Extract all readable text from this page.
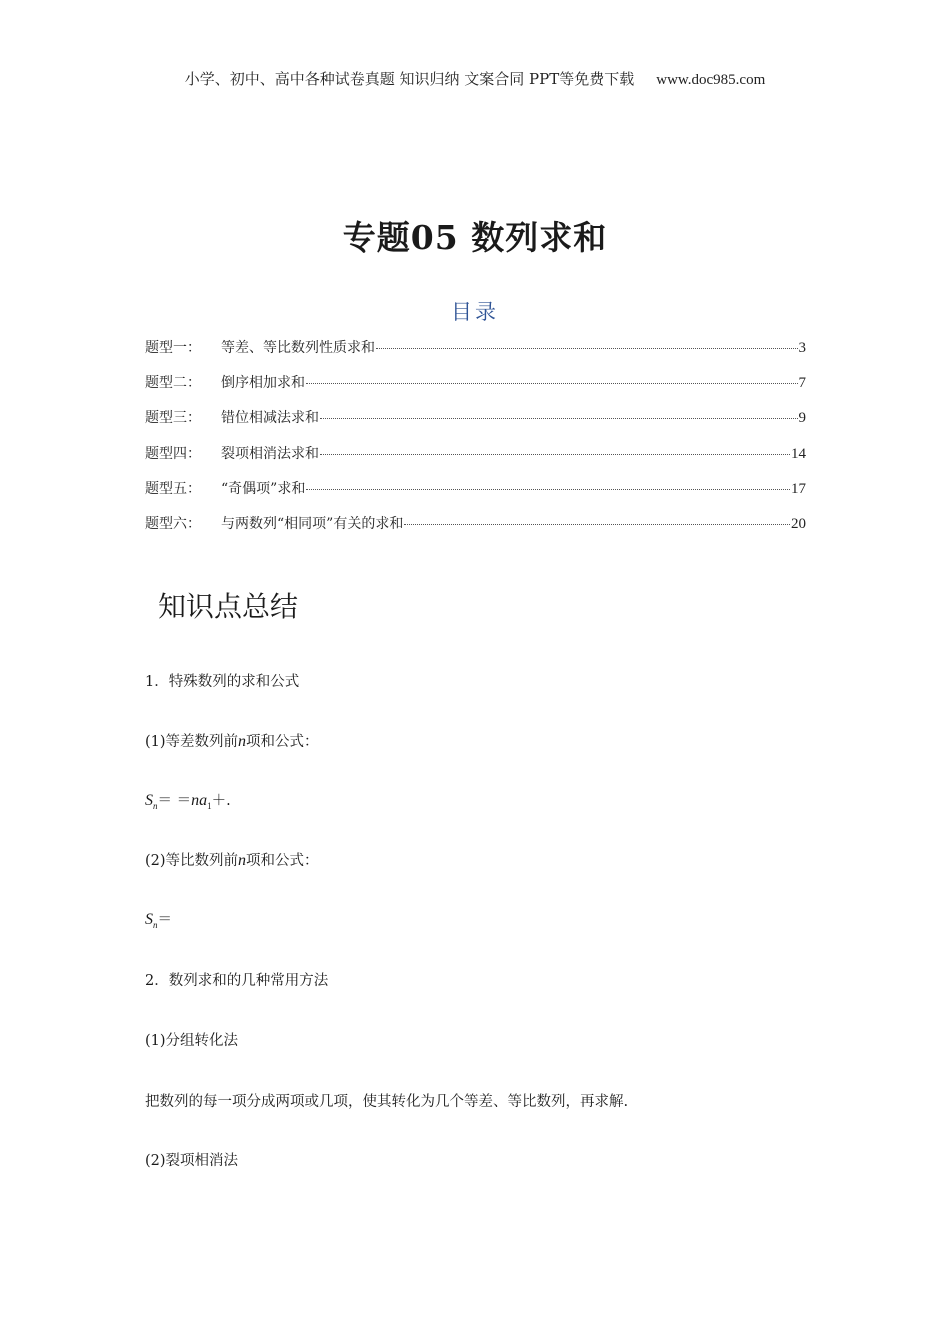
小学、初中、高中各种试卷真题 知识归纳 文案合同 PPT等免费下载 www.doc985.com
专题05 数列求和
目录
题型一：	等差、等比数列性质求和	3
题型二：	倒序相加求和	7
题型三：	错位相减法求和	9
题型四：	裂项相消法求和	14
题型五：	“奇偶项”求和	17
题型六：	与两数列“相同项”有关的求和	20
知识点总结
1．特殊数列的求和公式
(1)等差数列前n项和公式：
$S_n= =na_1+$.
(2)等比数列前n项和公式：
$S_n=$
2．数列求和的几种常用方法
(1)分组转化法
把数列的每一项分成两项或几项，使其转化为几个等差、等比数列，再求解.
(2)裂项相消法
